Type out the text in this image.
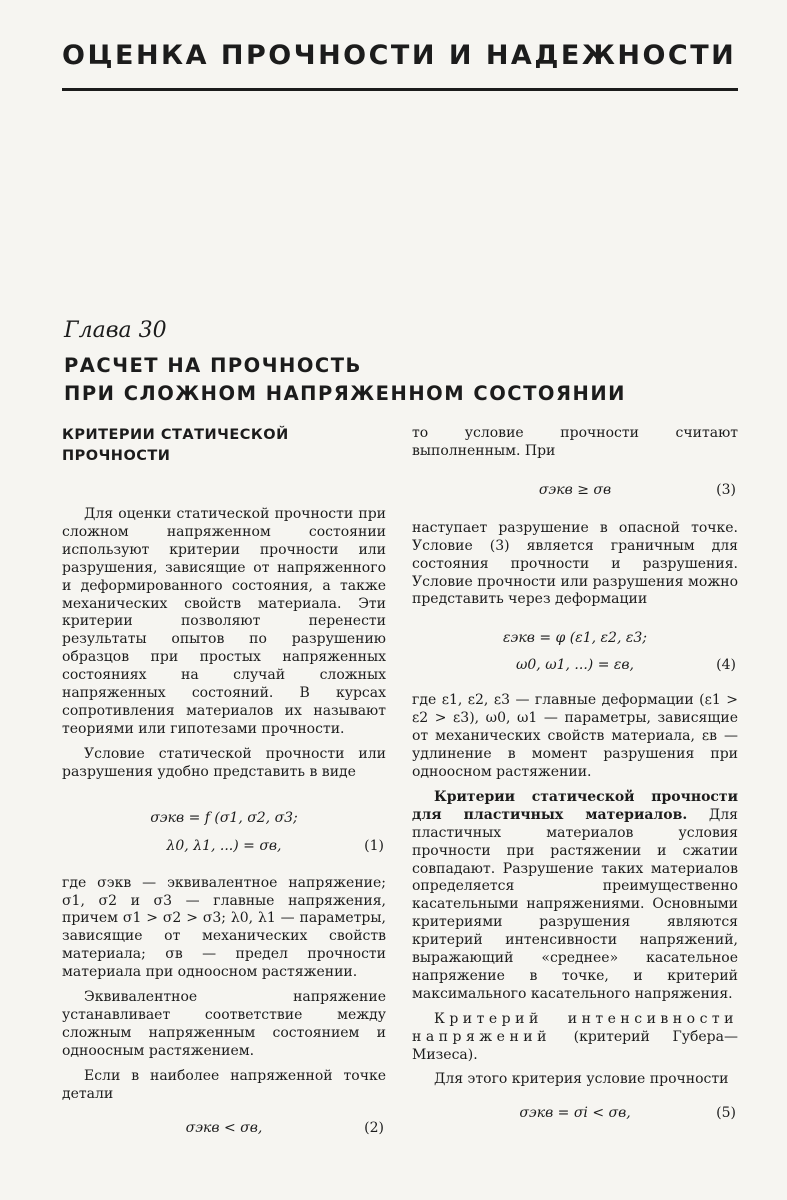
ОЦЕНКА ПРОЧНОСТИ И НАДЕЖНОСТИ
Глава 30
РАСЧЕТ НА ПРОЧНОСТЬ
ПРИ СЛОЖНОМ НАПРЯЖЕННОМ СОСТОЯНИИ
КРИТЕРИИ СТАТИЧЕСКОЙ
ПРОЧНОСТИ

Для оценки статической прочности при сложном напряженном состоянии используют критерии прочности или разрушения, зависящие от напряженного и деформированного состояния, а также механических свойств материала. Эти критерии позволяют перенести результаты опытов по разрушению образцов при простых напряженных состояниях на случай сложных напряженных состояний. В курсах сопротивления материалов их называют теориями или гипотезами прочности.

Условие статической прочности или разрушения удобно представить в виде

σэкв = f (σ1, σ2, σ3;
λ0, λ1, ...) = σв,	(1)

где σэкв — эквивалентное напряжение; σ1, σ2 и σ3 — главные напряжения, причем σ1 > σ2 > σ3; λ0, λ1 — параметры, зависящие от механических свойств материала; σв — предел прочности материала при одноосном растяжении.

Эквивалентное напряжение устанавливает соответствие между сложным напряженным состоянием и одноосным растяжением.

Если в наиболее напряженной точке детали

σэкв < σв,	(2)

то условие прочности считают выполненным. При

σэкв ≥ σв	(3)

наступает разрушение в опасной точке. Условие (3) является граничным для состояния прочности и разрушения. Условие прочности или разрушения можно представить через деформации

εэкв = φ (ε1, ε2, ε3;
ω0, ω1, ...) = εв,	(4)

где ε1, ε2, ε3 — главные деформации (ε1 > ε2 > ε3), ω0, ω1 — параметры, зависящие от механических свойств материала, εв — удлинение в момент разрушения при одноосном растяжении.

Критерии статической прочности для пластичных материалов. Для пластичных материалов условия прочности при растяжении и сжатии совпадают. Разрушение таких материалов определяется преимущественно касательными напряжениями. Основными критериями разрушения являются критерий интенсивности напряжений, выражающий «среднее» касательное напряжение в точке, и критерий максимального касательного напряжения.

Критерий интенсивности напряжений (критерий Губера—Мизеса).

Для этого критерия условие прочности

σэкв = σi < σв,	(5)
